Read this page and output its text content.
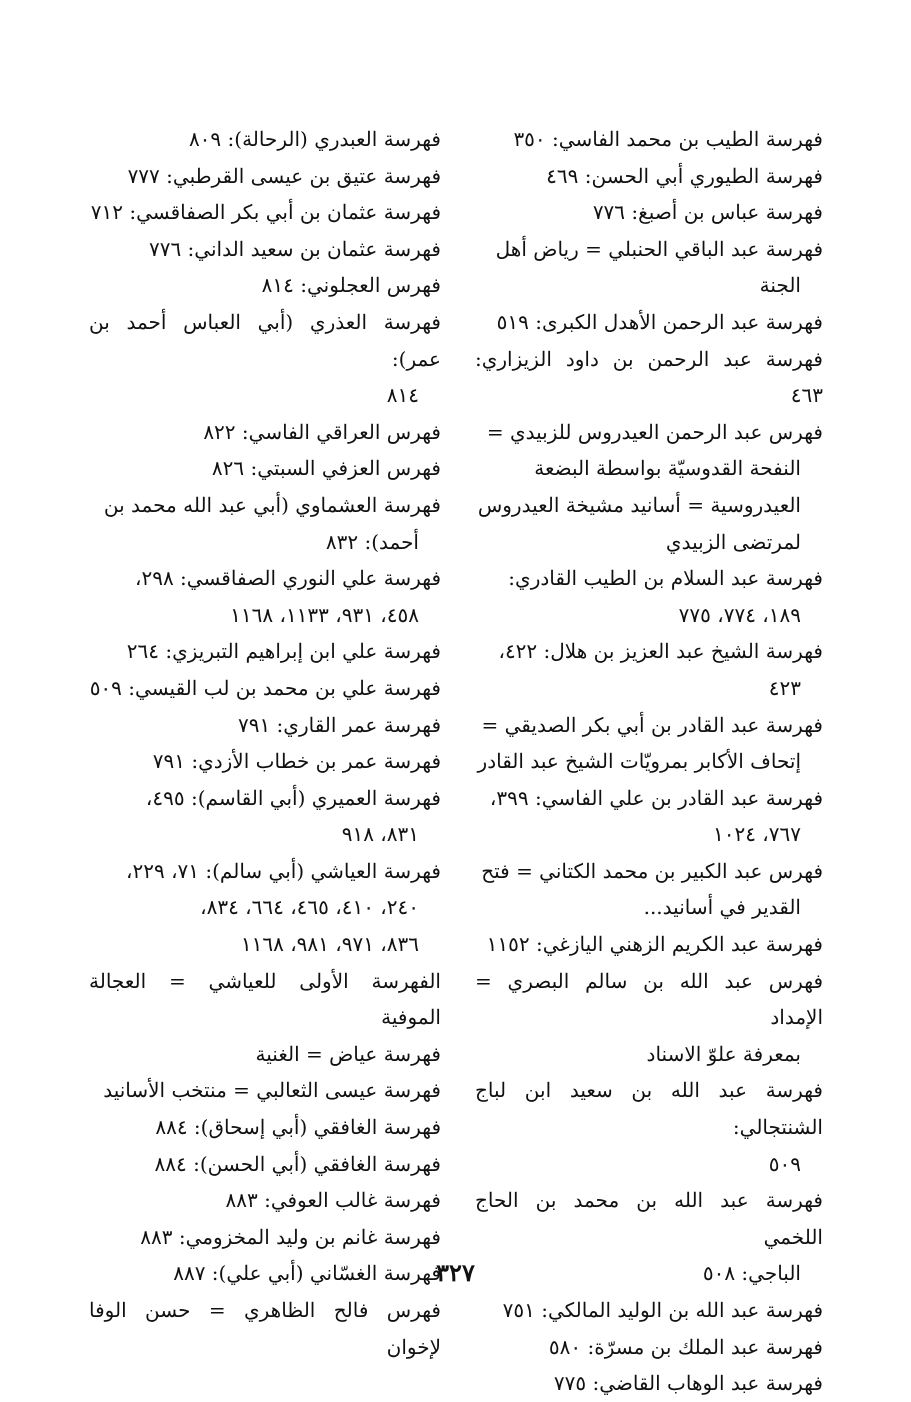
فهرسة الطيب بن محمد الفاسي: ٣٥٠
فهرسة الطيوري أبي الحسن: ٤٦٩
فهرسة عباس بن أصبغ: ٧٧٦
فهرسة عبد الباقي الحنبلي = رياض أهل

الجنة
فهرسة عبد الرحمن الأهدل الكبرى: ٥١٩
فهرسة عبد الرحمن بن داود الزيزاري: ٤٦٣
فهرس عبد الرحمن العيدروس للزبيدي =

النفحة القدوسيّة بواسطة البضعة
العيدروسية = أسانيد مشيخة العيدروس
لمرتضى الزبيدي
فهرسة عبد السلام بن الطيب القادري:

١٨٩، ٧٧٤، ٧٧٥
فهرسة الشيخ عبد العزيز بن هلال: ٤٢٢،

٤٢٣
فهرسة عبد القادر بن أبي بكر الصديقي =

إتحاف الأكابر بمرويّات الشيخ عبد القادر
فهرسة عبد القادر بن علي الفاسي: ٣٩٩،

٧٦٧، ١٠٢٤
فهرس عبد الكبير بن محمد الكتاني = فتح

القدير في أسانيد...
فهرسة عبد الكريم الزهني اليازغي: ١١٥٢
فهرس عبد الله بن سالم البصري = الإمداد

بمعرفة علوّ الاسناد
فهرسة عبد الله بن سعيد ابن لباج الشنتجالي:

٥٠٩
فهرسة عبد الله بن محمد بن الحاج اللخمي

الباجي: ٥٠٨
فهرسة عبد الله بن الوليد المالكي: ٧٥١
فهرسة عبد الملك بن مسرّة: ٥٨٠
فهرسة عبد الوهاب القاضي: ٧٧٥
فهرسة العبدري (الرحالة): ٨٠٩
فهرسة عتيق بن عيسى القرطبي: ٧٧٧
فهرسة عثمان بن أبي بكر الصفاقسي: ٧١٢
فهرسة عثمان بن سعيد الداني: ٧٧٦
فهرس العجلوني: ٨١٤
فهرسة العذري (أبي العباس أحمد بن عمر):

٨١٤
فهرس العراقي الفاسي: ٨٢٢
فهرس العزفي السبتي: ٨٢٦
فهرسة العشماوي (أبي عبد الله محمد بن

أحمد): ٨٣٢
فهرسة علي النوري الصفاقسي: ٢٩٨،

٤٥٨، ٩٣١، ١١٣٣، ١١٦٨
فهرسة علي ابن إبراهيم التبريزي: ٢٦٤
فهرسة علي بن محمد بن لب القيسي: ٥٠٩
فهرسة عمر القاري: ٧٩١
فهرسة عمر بن خطاب الأزدي: ٧٩١
فهرسة العميري (أبي القاسم): ٤٩٥،

٨٣١، ٩١٨
فهرسة العياشي (أبي سالم): ٧١، ٢٢٩،

٢٤٠، ٤١٠، ٤٦٥، ٦٦٤، ٨٣٤،
٨٣٦، ٩٧١، ٩٨١، ١١٦٨
الفهرسة الأولى للعياشي = العجالة الموفية
فهرسة عياض = الغنية
فهرسة عيسى الثعالبي = منتخب الأسانيد
فهرسة الغافقي (أبي إسحاق): ٨٨٤
فهرسة الغافقي (أبي الحسن): ٨٨٤
فهرسة غالب العوفي: ٨٨٣
فهرسة غانم بن وليد المخزومي: ٨٨٣
فهرسة الغسّاني (أبي علي): ٨٨٧
فهرس فالح الظاهري = حسن الوفا لإخوان
٣٢٧
